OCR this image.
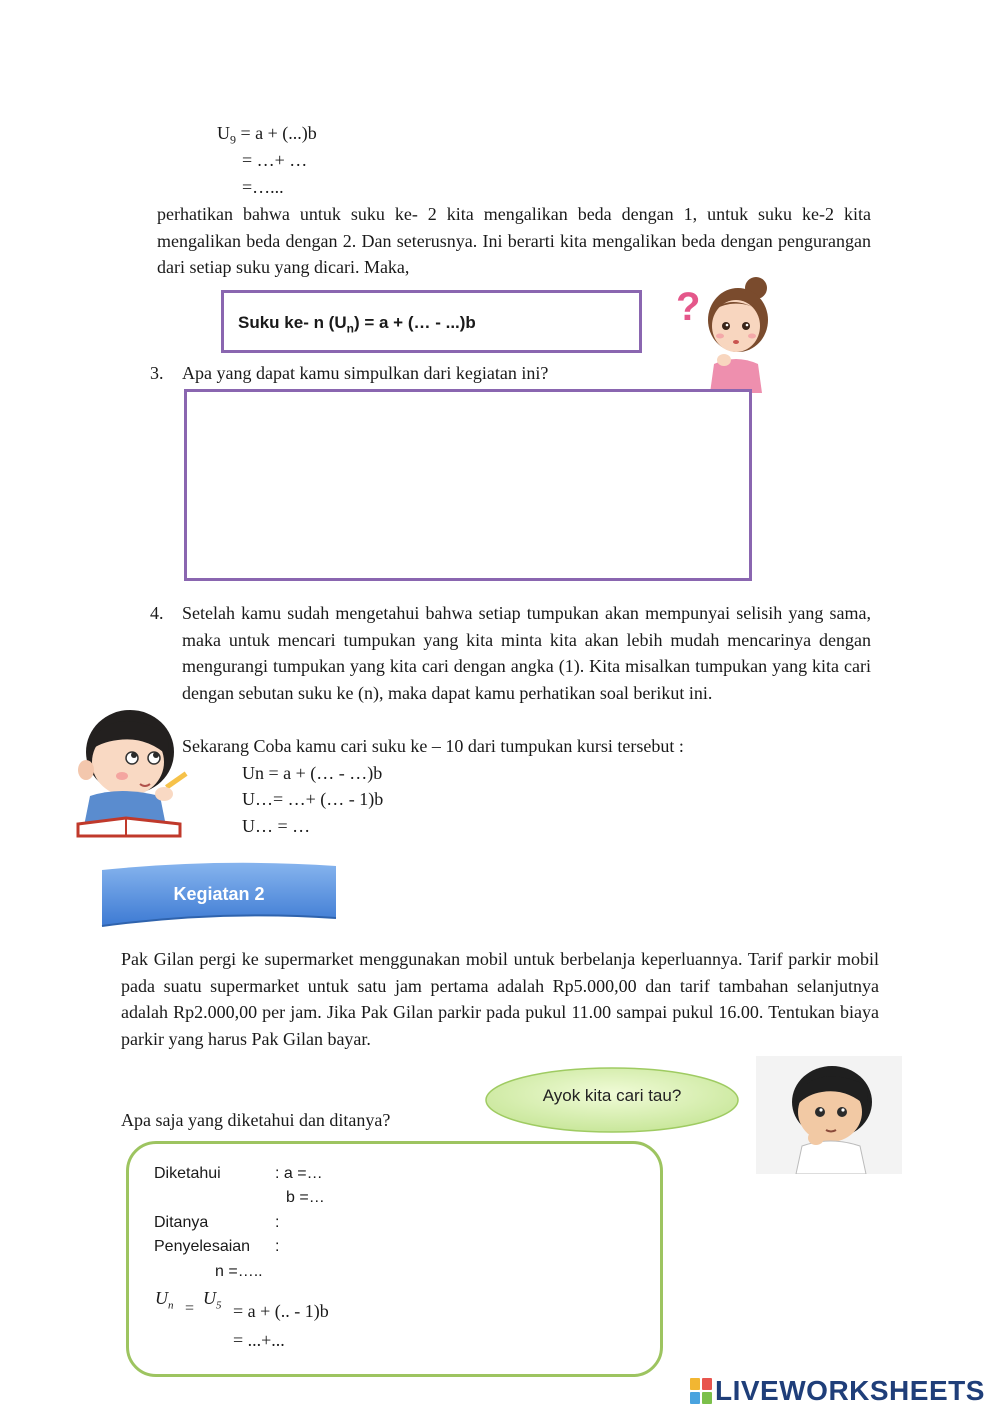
$U_9 = a + (...)b$
= …+ …
=…...
perhatikan bahwa untuk suku ke- 2 kita mengalikan beda dengan 1, untuk suku ke-2 kita mengalikan beda dengan 2. Dan seterusnya. Ini berarti kita mengalikan beda dengan pengurangan dari setiap suku yang dicari. Maka,
Suku ke- n $(U_n) = a$ + (… - ...)b	?
3. Apa yang dapat kamu simpulkan dari kegiatan ini?
4. Setelah kamu sudah mengetahui bahwa setiap tumpukan akan mempunyai selisih yang sama, maka untuk mencari tumpukan yang kita minta kita akan lebih mudah mencarinya dengan mengurangi tumpukan yang kita cari dengan angka (1). Kita misalkan tumpukan yang kita cari dengan sebutan suku ke (n), maka dapat kamu perhatikan soal berikut ini.
Sekarang Coba kamu cari suku ke – 10 dari tumpukan kursi tersebut :
Un = a + (… - …)b
U…= …+ (… - 1)b
U… = …
Kegiatan 2
Pak Gilan pergi ke supermarket menggunakan mobil untuk berbelanja keperluannya. Tarif parkir mobil pada suatu supermarket untuk satu jam pertama adalah Rp5.000,00 dan tarif tambahan selanjutnya adalah Rp2.000,00 per jam. Jika Pak Gilan parkir pada pukul 11.00 sampai pukul 16.00. Tentukan biaya parkir yang harus Pak Gilan bayar.
Ayok kita cari tau?
Apa saja yang diketahui dan ditanya?
Diketahui	: a =…
b =…
Ditanya	:
Penyelesaian :
n =…..
$U_n$ =
$U_5 = a$ + (.. - 1)b
= ...+...
LIVEWORKSHEETS
